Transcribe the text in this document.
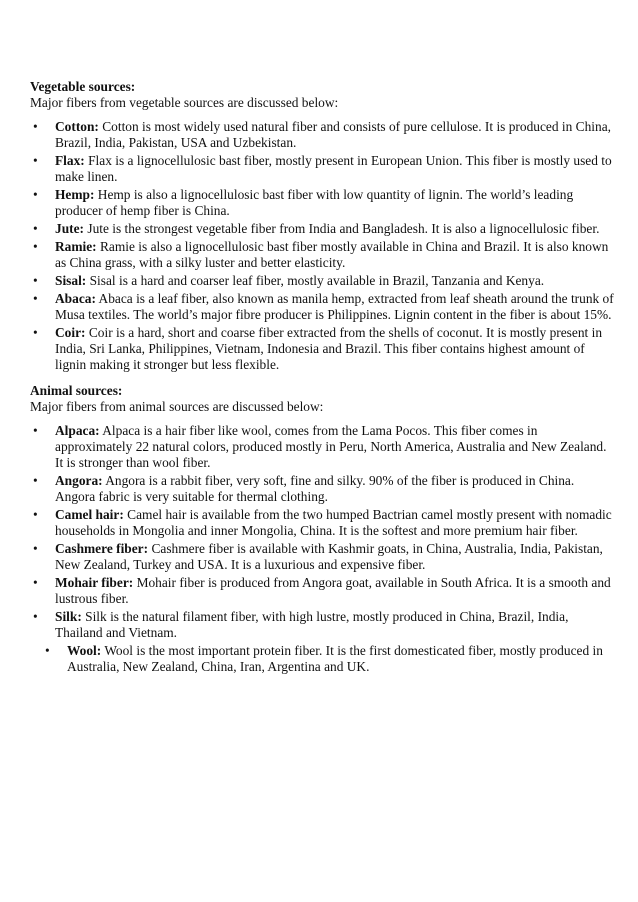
Vegetable sources:

Major fibers from vegetable sources are discussed below:

• Cotton: Cotton is most widely used natural fiber and consists of pure cellulose. It is produced in China, Brazil, India, Pakistan, USA and Uzbekistan.
• Flax: Flax is a lignocellulosic bast fiber, mostly present in European Union. This fiber is mostly used to make linen.
• Hemp: Hemp is also a lignocellulosic bast fiber with low quantity of lignin. The world’s leading producer of hemp fiber is China.
• Jute: Jute is the strongest vegetable fiber from India and Bangladesh. It is also a lignocellulosic fiber.
• Ramie: Ramie is also a lignocellulosic bast fiber mostly available in China and Brazil. It is also known as China grass, with a silky luster and better elasticity.
• Sisal: Sisal is a hard and coarser leaf fiber, mostly available in Brazil, Tanzania and Kenya.
• Abaca: Abaca is a leaf fiber, also known as manila hemp, extracted from leaf sheath around the trunk of Musa textiles. The world’s major fibre producer is Philippines. Lignin content in the fiber is about 15%.
• Coir: Coir is a hard, short and coarse fiber extracted from the shells of coconut. It is mostly present in India, Sri Lanka, Philippines, Vietnam, Indonesia and Brazil. This fiber contains highest amount of lignin making it stronger but less flexible.

Animal sources:

Major fibers from animal sources are discussed below:

• Alpaca: Alpaca is a hair fiber like wool, comes from the Lama Pocos. This fiber comes in approximately 22 natural colors, produced mostly in Peru, North America, Australia and New Zealand. It is stronger than wool fiber.
• Angora: Angora is a rabbit fiber, very soft, fine and silky. 90% of the fiber is produced in China. Angora fabric is very suitable for thermal clothing.
• Camel hair: Camel hair is available from the two humped Bactrian camel mostly present with nomadic households in Mongolia and inner Mongolia, China. It is the softest and more premium hair fiber.
• Cashmere fiber: Cashmere fiber is available with Kashmir goats, in China, Australia, India, Pakistan, New Zealand, Turkey and USA. It is a luxurious and expensive fiber.
• Mohair fiber: Mohair fiber is produced from Angora goat, available in South Africa. It is a smooth and lustrous fiber.
• Silk: Silk is the natural filament fiber, with high lustre, mostly produced in China, Brazil, India, Thailand and Vietnam.
• Wool: Wool is the most important protein fiber. It is the first domesticated fiber, mostly produced in Australia, New Zealand, China, Iran, Argentina and UK.
